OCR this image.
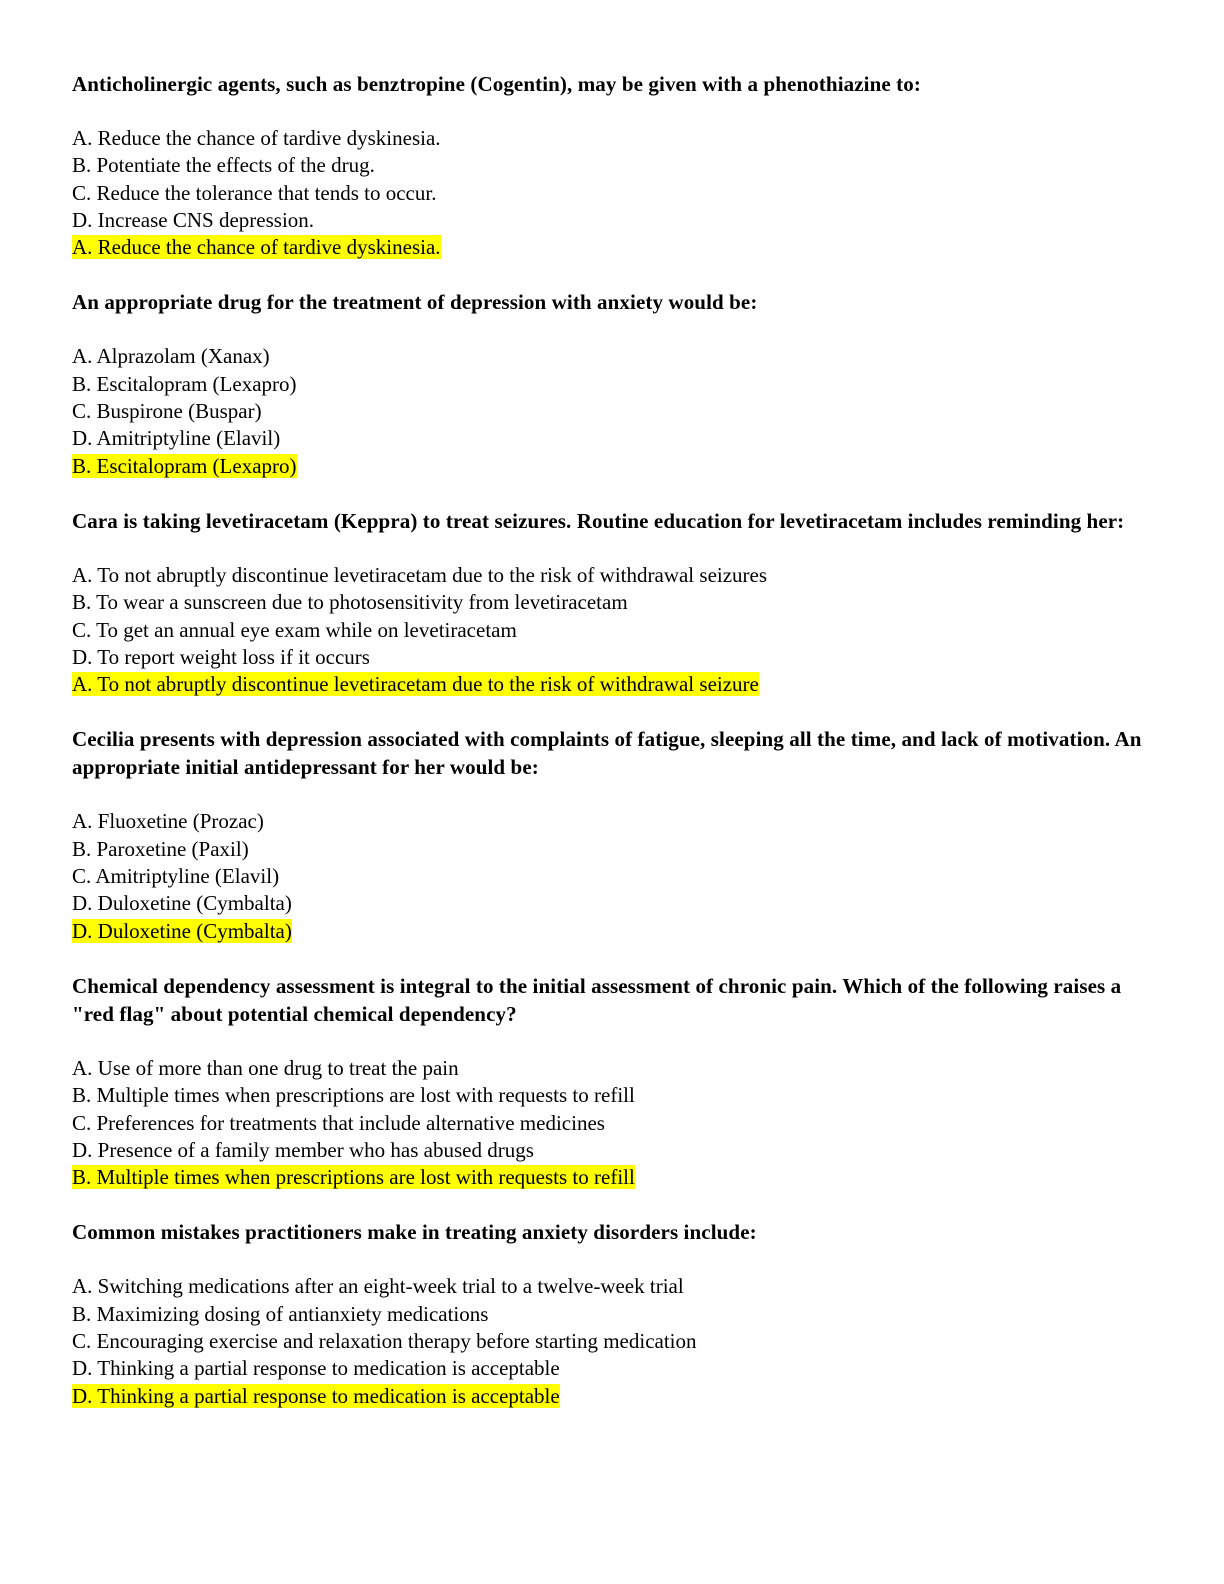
Anticholinergic agents, such as benztropine (Cogentin), may be given with a phenothiazine to:
A. Reduce the chance of tardive dyskinesia.
B. Potentiate the effects of the drug.
C. Reduce the tolerance that tends to occur.
D. Increase CNS depression.
A. Reduce the chance of tardive dyskinesia.
An appropriate drug for the treatment of depression with anxiety would be:
A. Alprazolam (Xanax)
B. Escitalopram (Lexapro)
C. Buspirone (Buspar)
D. Amitriptyline (Elavil)
B. Escitalopram (Lexapro)
Cara is taking levetiracetam (Keppra) to treat seizures. Routine education for levetiracetam includes reminding her:
A. To not abruptly discontinue levetiracetam due to the risk of withdrawal seizures
B. To wear a sunscreen due to photosensitivity from levetiracetam
C. To get an annual eye exam while on levetiracetam
D. To report weight loss if it occurs
A. To not abruptly discontinue levetiracetam due to the risk of withdrawal seizure
Cecilia presents with depression associated with complaints of fatigue, sleeping all the time, and lack of motivation. An appropriate initial antidepressant for her would be:
A. Fluoxetine (Prozac)
B. Paroxetine (Paxil)
C. Amitriptyline (Elavil)
D. Duloxetine (Cymbalta)
D. Duloxetine (Cymbalta)
Chemical dependency assessment is integral to the initial assessment of chronic pain. Which of the following raises a "red flag" about potential chemical dependency?
A. Use of more than one drug to treat the pain
B. Multiple times when prescriptions are lost with requests to refill
C. Preferences for treatments that include alternative medicines
D. Presence of a family member who has abused drugs
B. Multiple times when prescriptions are lost with requests to refill
Common mistakes practitioners make in treating anxiety disorders include:
A. Switching medications after an eight-week trial to a twelve-week trial
B. Maximizing dosing of antianxiety medications
C. Encouraging exercise and relaxation therapy before starting medication
D. Thinking a partial response to medication is acceptable
D. Thinking a partial response to medication is acceptable
